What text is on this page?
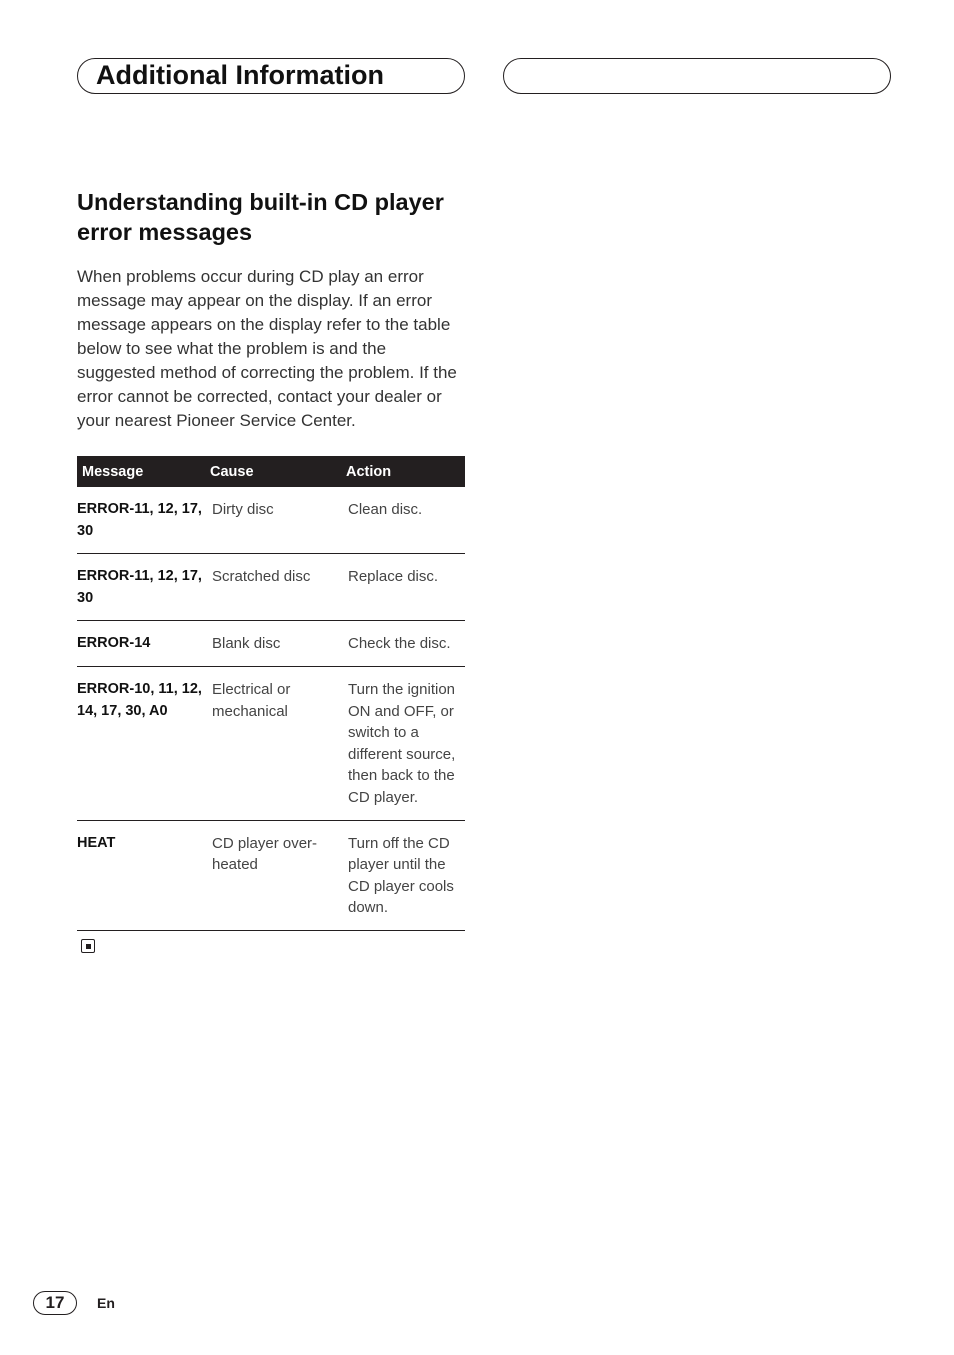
Additional Information
Understanding built-in CD player error messages

When problems occur during CD play an error message may appear on the display. If an error message appears on the display refer to the table below to see what the problem is and the suggested method of correcting the problem. If the error cannot be corrected, contact your dealer or your nearest Pioneer Service Center.

Message	Cause	Action
ERROR-11, 12, 17, 30	Dirty disc	Clean disc.
ERROR-11, 12, 17, 30	Scratched disc	Replace disc.
ERROR-14	Blank disc	Check the disc.
ERROR-10, 11, 12, 14, 17, 30, A0	Electrical or mechanical	Turn the ignition ON and OFF, or switch to a different source, then back to the CD player.
HEAT	CD player over-heated	Turn off the CD player until the CD player cools down.
17	En
